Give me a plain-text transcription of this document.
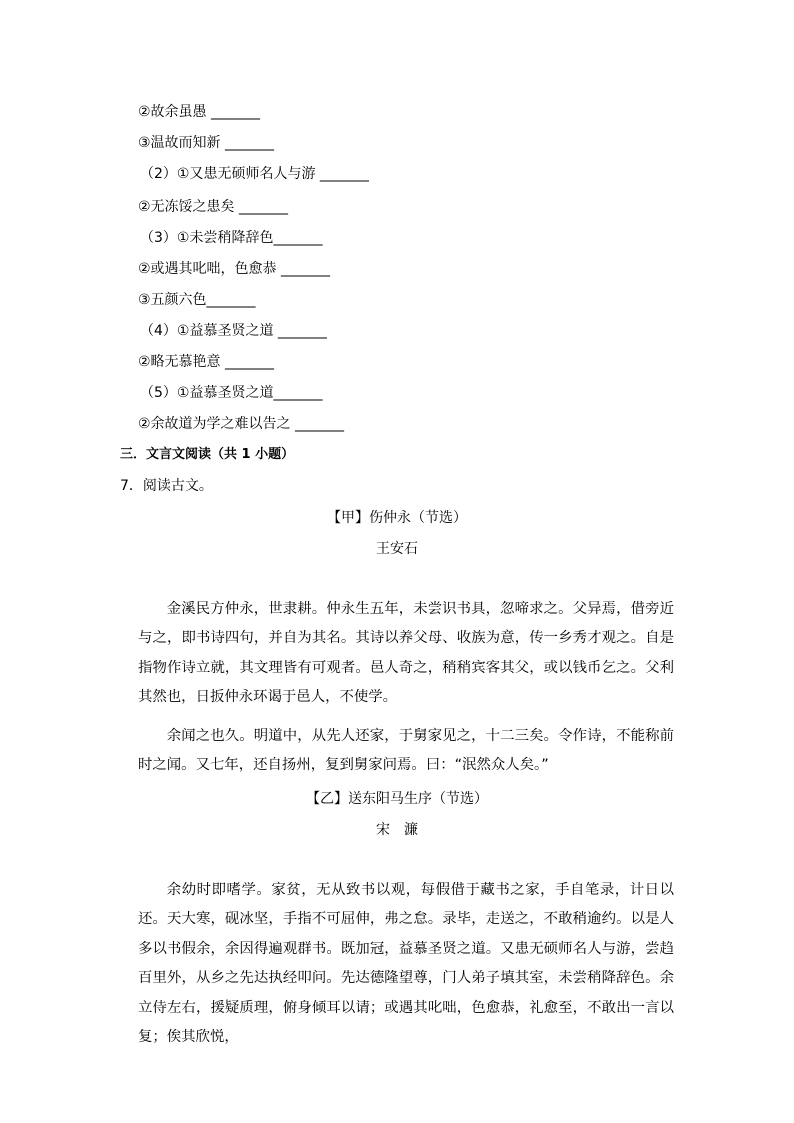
②故余虽愚 _______
③温故而知新 _______
（2）①又患无硕师名人与游 _______
②无冻馁之患矣 _______
（3）①未尝稍降辞色_______
②或遇其叱咄，色愈恭 _______
③五颜六色_______
（4）①益慕圣贤之道 _______
②略无慕艳意 _______
（5）①益慕圣贤之道_______
②余故道为学之难以告之 _______
三．文言文阅读（共 1 小题）
7．阅读古文。
【甲】伤仲永（节选）
王安石
金溪民方仲永，世隶耕。仲永生五年，未尝识书具，忽啼求之。父异焉，借旁近与之，即书诗四句，并自为其名。其诗以养父母、收族为意，传一乡秀才观之。自是指物作诗立就，其文理皆有可观者。邑人奇之，稍稍宾客其父，或以钱币乞之。父利其然也，日扳仲永环谒于邑人，不使学。
余闻之也久。明道中，从先人还家，于舅家见之，十二三矣。令作诗，不能称前时之闻。又七年，还自扬州，复到舅家问焉。曰：“泯然众人矣。”
【乙】送东阳马生序（节选）
宋　濂
余幼时即嗜学。家贫，无从致书以观，每假借于藏书之家，手自笔录，计日以还。天大寒，砚冰坚，手指不可屈伸，弗之怠。录毕，走送之，不敢稍逾约。以是人多以书假余，余因得遍观群书。既加冠，益慕圣贤之道。又患无硕师名人与游，尝趋百里外，从乡之先达执经叩问。先达德隆望尊，门人弟子填其室，未尝稍降辞色。余立侍左右，援疑质理，俯身倾耳以请；或遇其叱咄，色愈恭，礼愈至，不敢出一言以复；俟其欣悦，
